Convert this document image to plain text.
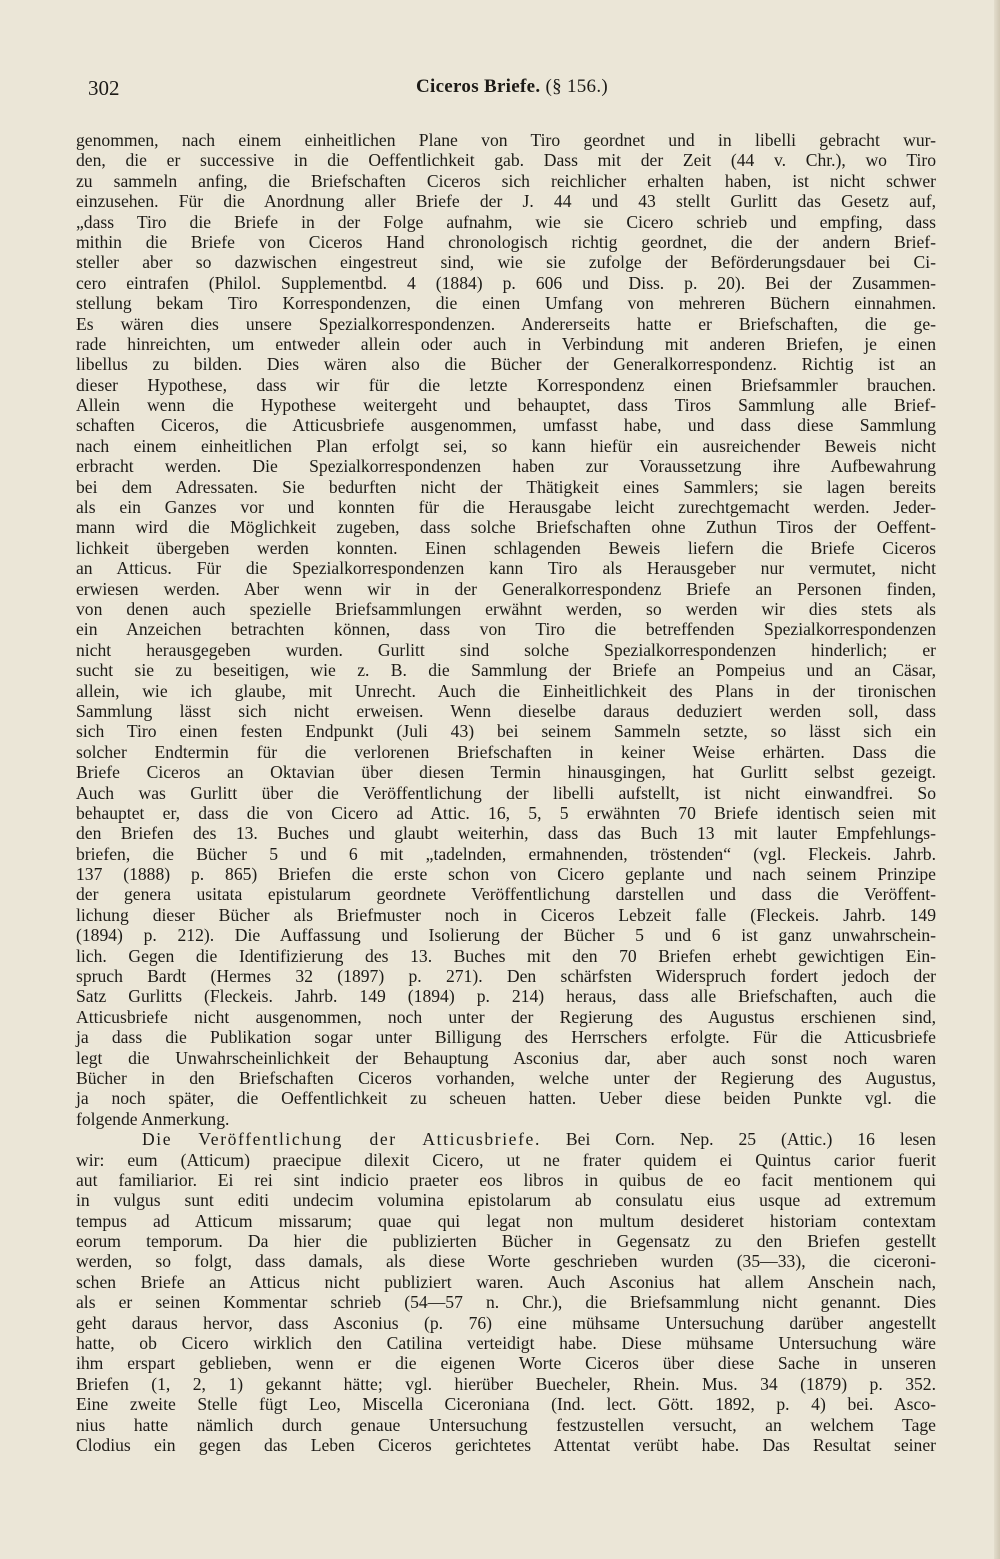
302	Ciceros Briefe. (§ 156.)
genommen, nach einem einheitlichen Plane von Tiro geordnet und in libelli gebracht wur-
den, die er successive in die Oeffentlichkeit gab. Dass mit der Zeit (44 v. Chr.), wo Tiro
zu sammeln anfing, die Briefschaften Ciceros sich reichlicher erhalten haben, ist nicht schwer
einzusehen. Für die Anordnung aller Briefe der J. 44 und 43 stellt Gurlitt das Gesetz auf,
„dass Tiro die Briefe in der Folge aufnahm, wie sie Cicero schrieb und empfing, dass
mithin die Briefe von Ciceros Hand chronologisch richtig geordnet, die der andern Brief-
steller aber so dazwischen eingestreut sind, wie sie zufolge der Beförderungsdauer bei Ci-
cero eintrafen (Philol. Supplementbd. 4 (1884) p. 606 und Diss. p. 20). Bei der Zusammen-
stellung bekam Tiro Korrespondenzen, die einen Umfang von mehreren Büchern einnahmen.
Es wären dies unsere Spezialkorrespondenzen. Andererseits hatte er Briefschaften, die ge-
rade hinreichten, um entweder allein oder auch in Verbindung mit anderen Briefen, je einen
libellus zu bilden. Dies wären also die Bücher der Generalkorrespondenz. Richtig ist an
dieser Hypothese, dass wir für die letzte Korrespondenz einen Briefsammler brauchen.
Allein wenn die Hypothese weitergeht und behauptet, dass Tiros Sammlung alle Brief-
schaften Ciceros, die Atticusbriefe ausgenommen, umfasst habe, und dass diese Sammlung
nach einem einheitlichen Plan erfolgt sei, so kann hiefür ein ausreichender Beweis nicht
erbracht werden. Die Spezialkorrespondenzen haben zur Voraussetzung ihre Aufbewahrung
bei dem Adressaten. Sie bedurften nicht der Thätigkeit eines Sammlers; sie lagen bereits
als ein Ganzes vor und konnten für die Herausgabe leicht zurechtgemacht werden. Jeder-
mann wird die Möglichkeit zugeben, dass solche Briefschaften ohne Zuthun Tiros der Oeffent-
lichkeit übergeben werden konnten. Einen schlagenden Beweis liefern die Briefe Ciceros
an Atticus. Für die Spezialkorrespondenzen kann Tiro als Herausgeber nur vermutet, nicht
erwiesen werden. Aber wenn wir in der Generalkorrespondenz Briefe an Personen finden,
von denen auch spezielle Briefsammlungen erwähnt werden, so werden wir dies stets als
ein Anzeichen betrachten können, dass von Tiro die betreffenden Spezialkorrespondenzen
nicht herausgegeben wurden. Gurlitt sind solche Spezialkorrespondenzen hinderlich; er
sucht sie zu beseitigen, wie z. B. die Sammlung der Briefe an Pompeius und an Cäsar,
allein, wie ich glaube, mit Unrecht. Auch die Einheitlichkeit des Plans in der tironischen
Sammlung lässt sich nicht erweisen. Wenn dieselbe daraus deduziert werden soll, dass
sich Tiro einen festen Endpunkt (Juli 43) bei seinem Sammeln setzte, so lässt sich ein
solcher Endtermin für die verlorenen Briefschaften in keiner Weise erhärten. Dass die
Briefe Ciceros an Oktavian über diesen Termin hinausgingen, hat Gurlitt selbst gezeigt.
Auch was Gurlitt über die Veröffentlichung der libelli aufstellt, ist nicht einwandfrei. So
behauptet er, dass die von Cicero ad Attic. 16, 5, 5 erwähnten 70 Briefe identisch seien mit
den Briefen des 13. Buches und glaubt weiterhin, dass das Buch 13 mit lauter Empfehlungs-
briefen, die Bücher 5 und 6 mit „tadelnden, ermahnenden, tröstenden“ (vgl. Fleckeis. Jahrb.
137 (1888) p. 865) Briefen die erste schon von Cicero geplante und nach seinem Prinzipe
der genera usitata epistularum geordnete Veröffentlichung darstellen und dass die Veröffent-
lichung dieser Bücher als Briefmuster noch in Ciceros Lebzeit falle (Fleckeis. Jahrb. 149
(1894) p. 212). Die Auffassung und Isolierung der Bücher 5 und 6 ist ganz unwahrschein-
lich. Gegen die Identifizierung des 13. Buches mit den 70 Briefen erhebt gewichtigen Ein-
spruch Bardt (Hermes 32 (1897) p. 271). Den schärfsten Widerspruch fordert jedoch der
Satz Gurlitts (Fleckeis. Jahrb. 149 (1894) p. 214) heraus, dass alle Briefschaften, auch die
Atticusbriefe nicht ausgenommen, noch unter der Regierung des Augustus erschienen sind,
ja dass die Publikation sogar unter Billigung des Herrschers erfolgte. Für die Atticusbriefe
legt die Unwahrscheinlichkeit der Behauptung Asconius dar, aber auch sonst noch waren
Bücher in den Briefschaften Ciceros vorhanden, welche unter der Regierung des Augustus,
ja noch später, die Oeffentlichkeit zu scheuen hatten. Ueber diese beiden Punkte vgl. die
folgende Anmerkung.
Die Veröffentlichung der Atticusbriefe. Bei Corn. Nep. 25 (Attic.) 16 lesen
wir: eum (Atticum) praecipue dilexit Cicero, ut ne frater quidem ei Quintus carior fuerit
aut familiarior. Ei rei sint indicio praeter eos libros in quibus de eo facit mentionem qui
in vulgus sunt editi undecim volumina epistolarum ab consulatu eius usque ad extremum
tempus ad Atticum missarum; quae qui legat non multum desideret historiam contextam
eorum temporum. Da hier die publizierten Bücher in Gegensatz zu den Briefen gestellt
werden, so folgt, dass damals, als diese Worte geschrieben wurden (35—33), die ciceroni-
schen Briefe an Atticus nicht publiziert waren. Auch Asconius hat allem Anschein nach,
als er seinen Kommentar schrieb (54—57 n. Chr.), die Briefsammlung nicht genannt. Dies
geht daraus hervor, dass Asconius (p. 76) eine mühsame Untersuchung darüber angestellt
hatte, ob Cicero wirklich den Catilina verteidigt habe. Diese mühsame Untersuchung wäre
ihm erspart geblieben, wenn er die eigenen Worte Ciceros über diese Sache in unseren
Briefen (1, 2, 1) gekannt hätte; vgl. hierüber Buecheler, Rhein. Mus. 34 (1879) p. 352.
Eine zweite Stelle fügt Leo, Miscella Ciceroniana (Ind. lect. Gött. 1892, p. 4) bei. Asco-
nius hatte nämlich durch genaue Untersuchung festzustellen versucht, an welchem Tage
Clodius ein gegen das Leben Ciceros gerichtetes Attentat verübt habe. Das Resultat seiner
